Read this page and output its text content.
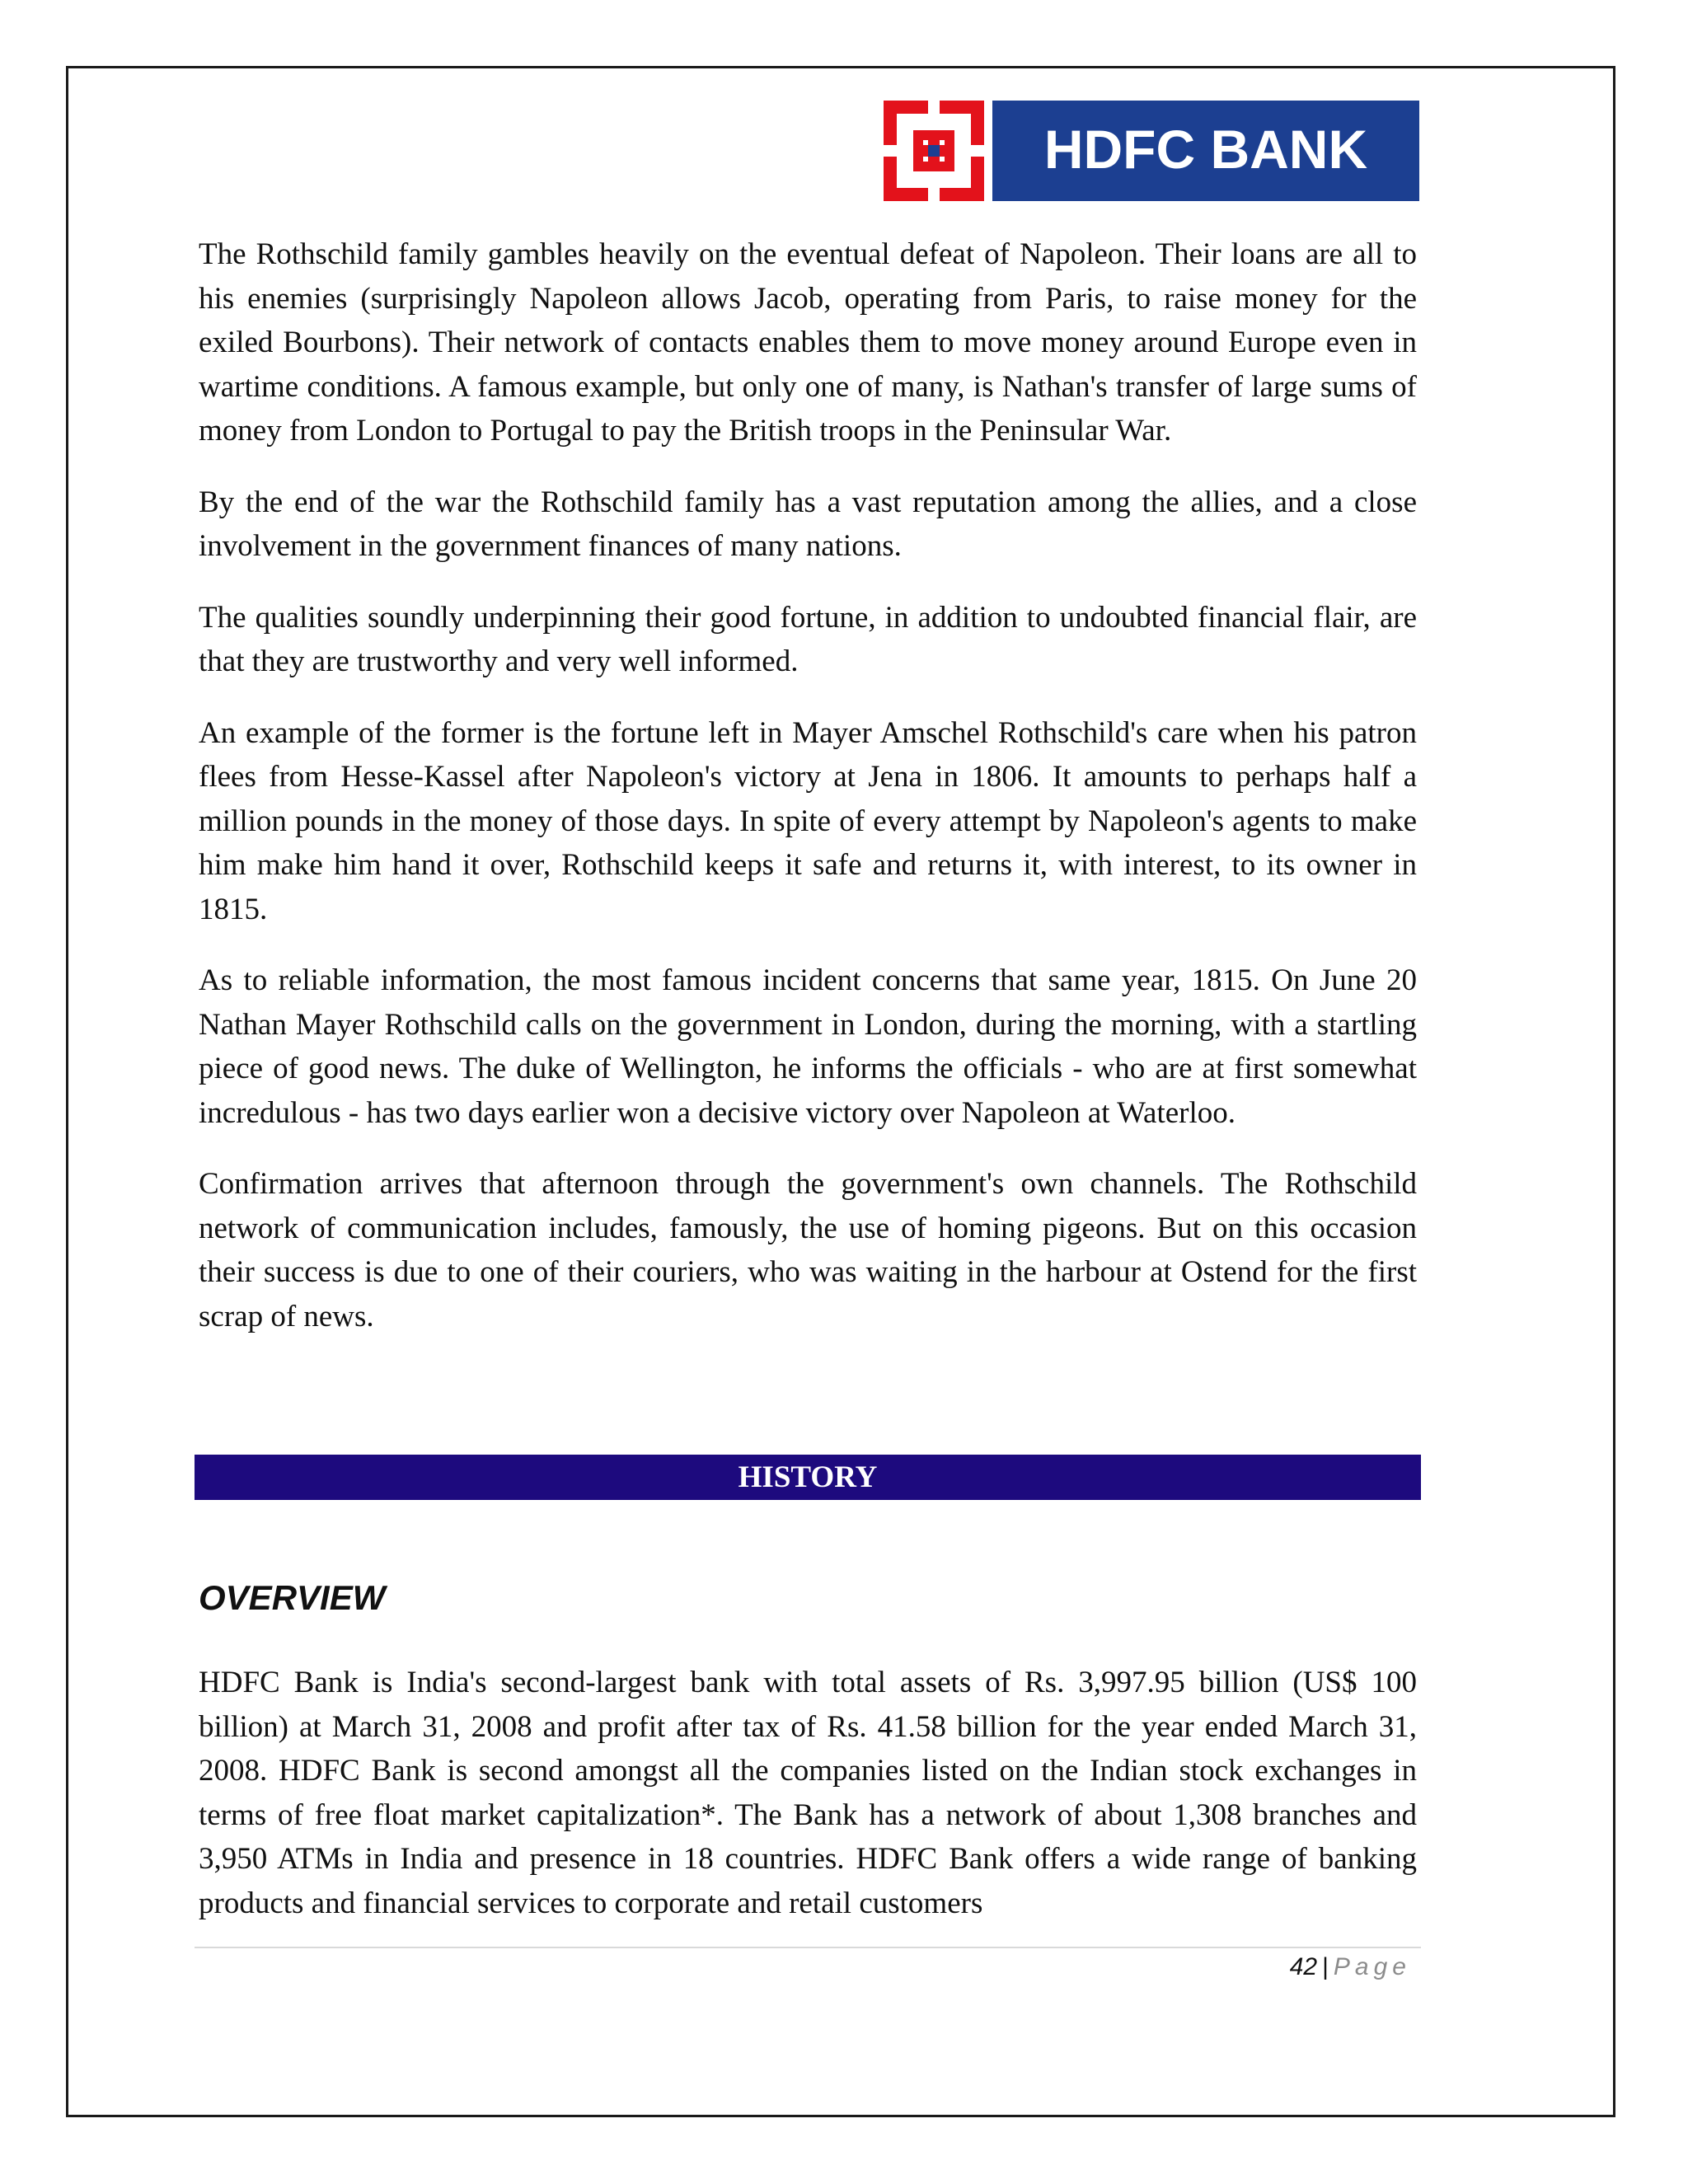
HDFC BANK

The Rothschild family gambles heavily on the eventual defeat of Napoleon. Their loans are all to his enemies (surprisingly Napoleon allows Jacob, operating from Paris, to raise money for the exiled Bourbons). Their network of contacts enables them to move money around Europe even in wartime conditions. A famous example, but only one of many, is Nathan's transfer of large sums of money from London to Portugal to pay the British troops in the Peninsular War.

By the end of the war the Rothschild family has a vast reputation among the allies, and a close involvement in the government finances of many nations.

The qualities soundly underpinning their good fortune, in addition to undoubted financial flair, are that they are trustworthy and very well informed.

An example of the former is the fortune left in Mayer Amschel Rothschild's care when his patron flees from Hesse-Kassel after Napoleon's victory at Jena in 1806. It amounts to perhaps half a million pounds in the money of those days. In spite of every attempt by Napoleon's agents to make him make him hand it over, Rothschild keeps it safe and returns it, with interest, to its owner in 1815.

As to reliable information, the most famous incident concerns that same year, 1815. On June 20 Nathan Mayer Rothschild calls on the government in London, during the morning, with a startling piece of good news. The duke of Wellington, he informs the officials - who are at first somewhat incredulous - has two days earlier won a decisive victory over Napoleon at Waterloo.

Confirmation arrives that afternoon through the government's own channels. The Rothschild network of communication includes, famously, the use of homing pigeons. But on this occasion their success is due to one of their couriers, who was waiting in the harbour at Ostend for the first scrap of news.

HISTORY
OVERVIEW

HDFC Bank is India's second-largest bank with total assets of Rs. 3,997.95 billion (US$ 100 billion) at March 31, 2008 and profit after tax of Rs. 41.58 billion for the year ended March 31, 2008. HDFC Bank is second amongst all the companies listed on the Indian stock exchanges in terms of free float market capitalization*. The Bank has a network of about 1,308 branches and 3,950 ATMs in India and presence in 18 countries. HDFC Bank offers a wide range of banking products and financial services to corporate and retail customers

42 | Page
